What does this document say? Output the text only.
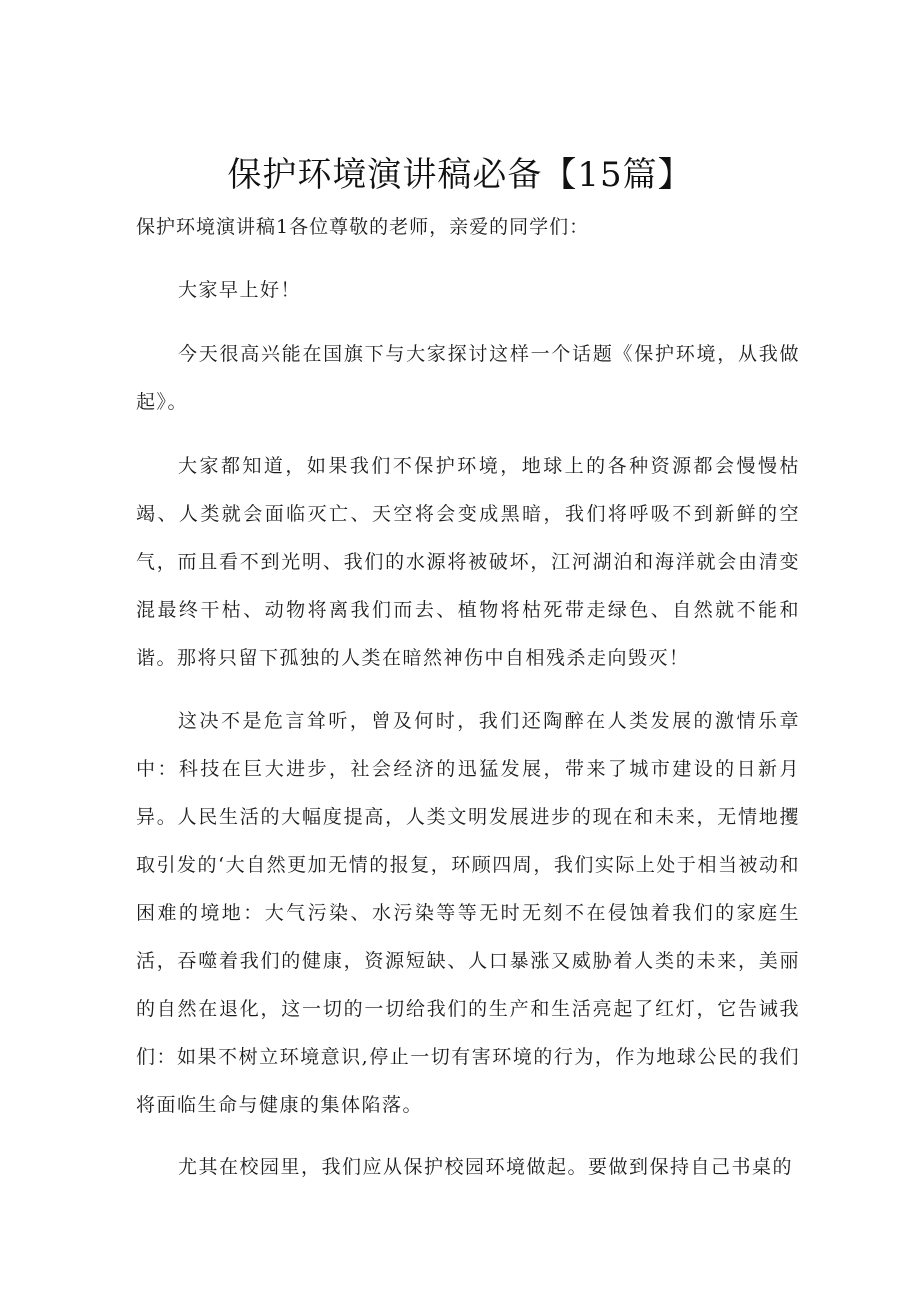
保护环境演讲稿必备【15篇】

保护环境演讲稿1各位尊敬的老师，亲爱的同学们：

大家早上好！

今天很高兴能在国旗下与大家探讨这样一个话题《保护环境，从我做起》。

大家都知道，如果我们不保护环境，地球上的各种资源都会慢慢枯竭、人类就会面临灭亡、天空将会变成黑暗，我们将呼吸不到新鲜的空气，而且看不到光明、我们的水源将被破坏，江河湖泊和海洋就会由清变混最终干枯、动物将离我们而去、植物将枯死带走绿色、自然就不能和谐。那将只留下孤独的人类在暗然神伤中自相残杀走向毁灭！

这决不是危言耸听，曾及何时，我们还陶醉在人类发展的激情乐章中：科技在巨大进步，社会经济的迅猛发展，带来了城市建设的日新月异。人民生活的大幅度提高，人类文明发展进步的现在和未来，无情地攫取引发的‘大自然更加无情的报复，环顾四周，我们实际上处于相当被动和困难的境地：大气污染、水污染等等无时无刻不在侵蚀着我们的家庭生活，吞噬着我们的健康，资源短缺、人口暴涨又威胁着人类的未来，美丽的自然在退化，这一切的一切给我们的生产和生活亮起了红灯，它告诫我们：如果不树立环境意识,停止一切有害环境的行为，作为地球公民的我们将面临生命与健康的集体陷落。

尤其在校园里，我们应从保护校园环境做起。要做到保持自己书桌的
